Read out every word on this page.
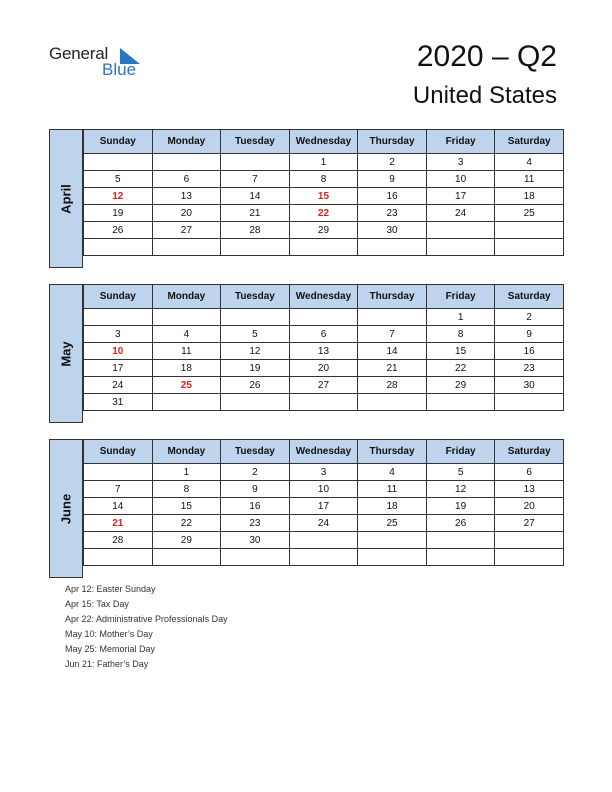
General
Blue	2020 – Q2
United States
April
Sunday	Monday	Tuesday	Wednesday	Thursday	Friday	Saturday
			1	2	3	4
5	6	7	8	9	10	11
12	13	14	15	16	17	18
19	20	21	22	23	24	25
26	27	28	29	30		

May
Sunday	Monday	Tuesday	Wednesday	Thursday	Friday	Saturday
					1	2
3	4	5	6	7	8	9
10	11	12	13	14	15	16
17	18	19	20	21	22	23
24	25	26	27	28	29	30
31						
June
Sunday	Monday	Tuesday	Wednesday	Thursday	Friday	Saturday
	1	2	3	4	5	6
7	8	9	10	11	12	13
14	15	16	17	18	19	20
21	22	23	24	25	26	27
28	29	30				

Apr 12: Easter Sunday
Apr 15: Tax Day
Apr 22: Administrative Professionals Day
May 10: Mother’s Day
May 25: Memorial Day
Jun 21: Father’s Day
